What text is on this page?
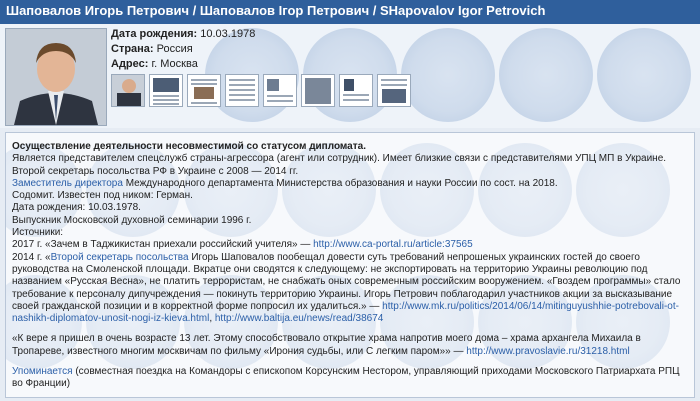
Шаповалов Игорь Петрович / Шаповалов Ігор Петрович / SHapovalov Igor Petrovich
Дата рождения: 10.03.1978
Страна: Россия
Адрес: г. Москва

Осуществление деятельности несовместимой со статусом дипломата.

Является представителем спецслужб страны-агрессора (агент или сотрудник). Имеет близкие связи с представителями УПЦ МП в Украине.

Второй секретарь посольства РФ в Украине с 2008 — 2014 гг.

Заместитель директора Международного департамента Министерства образования и науки России по сост. на 2018.

Содомит. Известен под ником: Герман.

Дата рождения: 10.03.1978.

Выпускник Московской духовной семинарии 1996 г.

Источники:

2017 г. «Зачем в Таджикистан приехали российский учителя» — http://www.ca-portal.ru/article:37565

2014 г. «Второй секретарь посольства Игорь Шаповалов пообещал довести суть требований непрошеных украинских гостей до своего руководства на Смоленской площади. Вкратце они сводятся к следующему: не экспортировать на территорию Украины революцию под названием «Русская Весна», не платить террористам, не снабжать оных современным российским вооружением. «Гвоздем программы» стало требование к персоналу дипучреждения — покинуть территорию Украины. Игорь Петрович поблагодарил участников акции за высказывание своей гражданской позиции и в корректной форме попросил их удалиться.» — http://www.mk.ru/politics/2014/06/14/mitinguyushhie-potrebovali-ot-nashikh-diplomatov-unosit-nogi-iz-kieva.html, http://www.baltija.eu/news/read/38674

«К вере я пришел в очень возрасте 13 лет. Этому способствовало открытие храма напротив моего дома – храма архангела Михаила в Тропареве, известного многим москвичам по фильму «Ирония судьбы, или С легким паром»» — http://www.pravoslavie.ru/31218.html

Упоминается (совместная поездка на Командоры с епископом Корсунским Нестором, управляющий приходами Московского Патриархата РПЦ во Франции)
